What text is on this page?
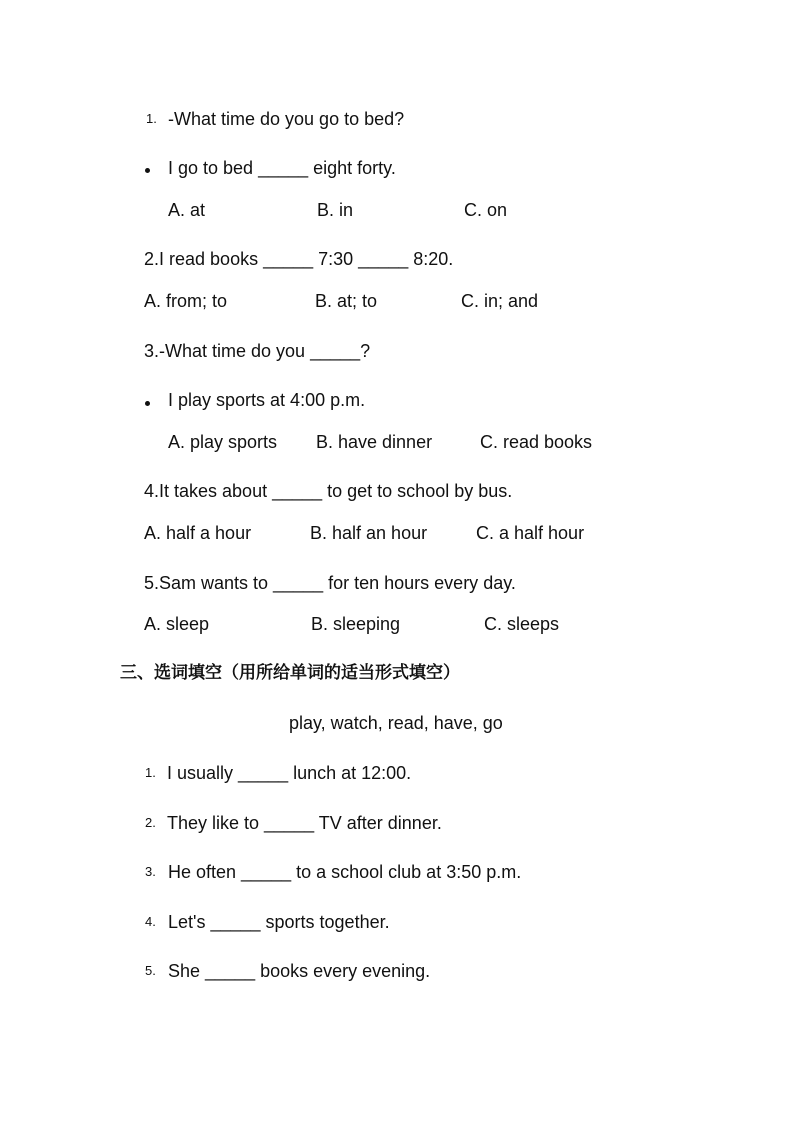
1. -What time do you go to bed?
I go to bed _____ eight forty.
A. at	B. in	C. on
2.I read books _____ 7:30 _____ 8:20.
A. from; to	B. at; to	C. in; and
3.-What time do you _____?
I play sports at 4:00 p.m.
A. play sports B. have dinner	C. read books
4.It takes about _____ to get to school by bus.
A. half a hour	B. half an hour	C. a half hour
5.Sam wants to _____ for ten hours every day.
A. sleep	B. sleeping	C. sleeps
三、选词填空（用所给单词的适当形式填空）
play, watch, read, have, go
1. I usually _____ lunch at 12:00.
2. They like to _____ TV after dinner.
3. He often _____ to a school club at 3:50 p.m.
4. Let's _____ sports together.
5. She _____ books every evening.
